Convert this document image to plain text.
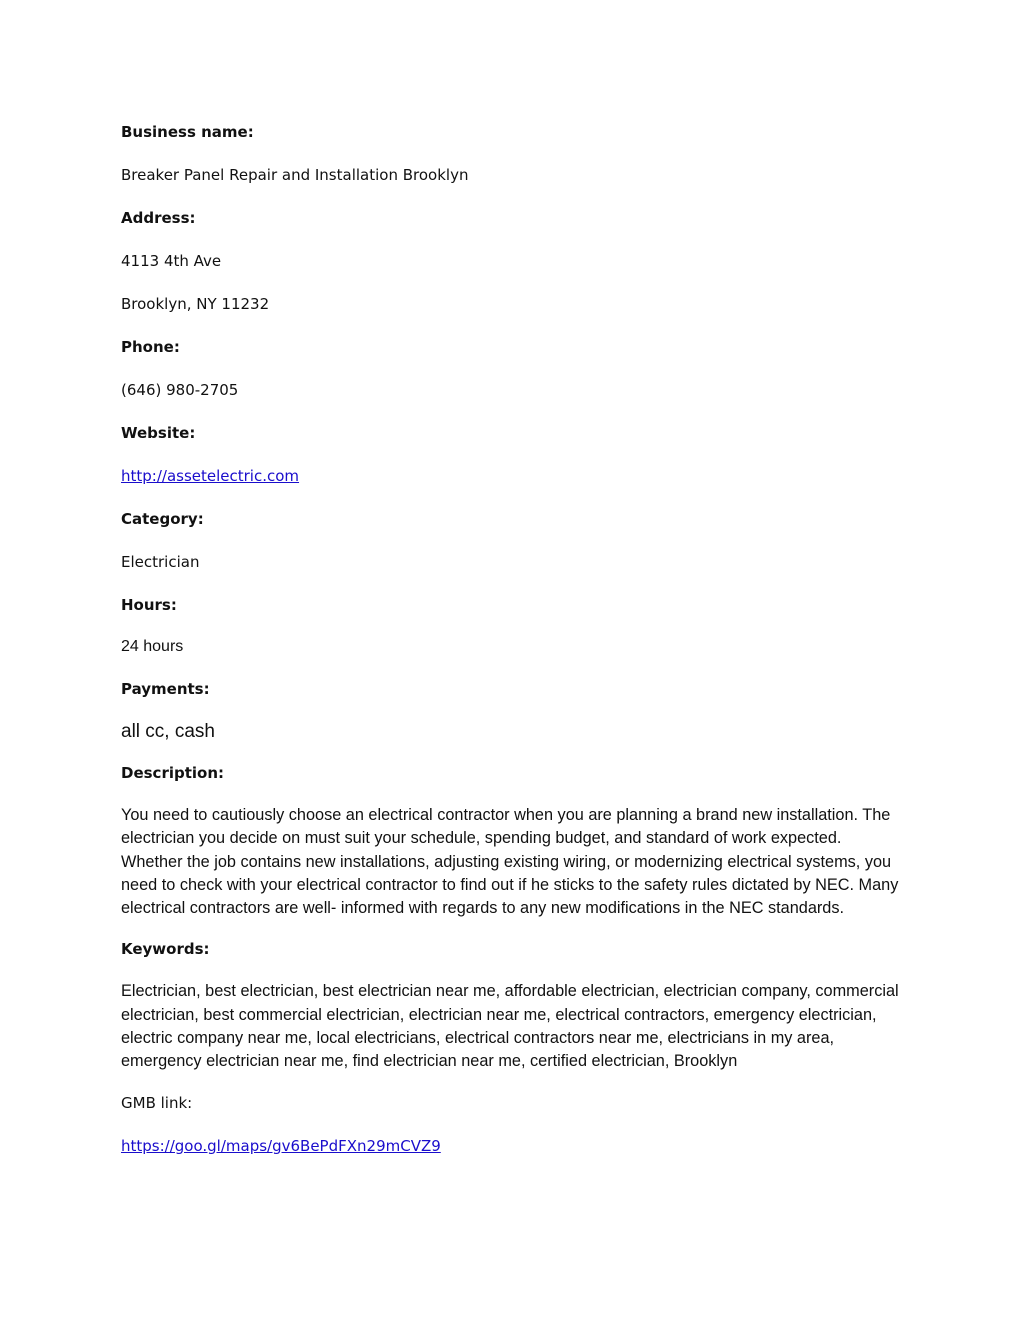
Business name:
Breaker Panel Repair and Installation Brooklyn
Address:
4113 4th Ave
Brooklyn, NY 11232
Phone:
(646) 980-2705
Website:
http://assetelectric.com
Category:
Electrician
Hours:
24 hours
Payments:
all cc, cash
Description:
You need to cautiously choose an electrical contractor when you are planning a brand new installation. The electrician you decide on must suit your schedule, spending budget, and standard of work expected. Whether the job contains new installations, adjusting existing wiring, or modernizing electrical systems, you need to check with your electrical contractor to find out if he sticks to the safety rules dictated by NEC. Many electrical contractors are well- informed with regards to any new modifications in the NEC standards.
Keywords:
Electrician, best electrician, best electrician near me, affordable electrician, electrician company, commercial electrician, best commercial electrician, electrician near me, electrical contractors, emergency electrician, electric company near me, local electricians, electrical contractors near me, electricians in my area, emergency electrician near me, find electrician near me, certified electrician, Brooklyn
GMB link:
https://goo.gl/maps/gv6BePdFXn29mCVZ9
